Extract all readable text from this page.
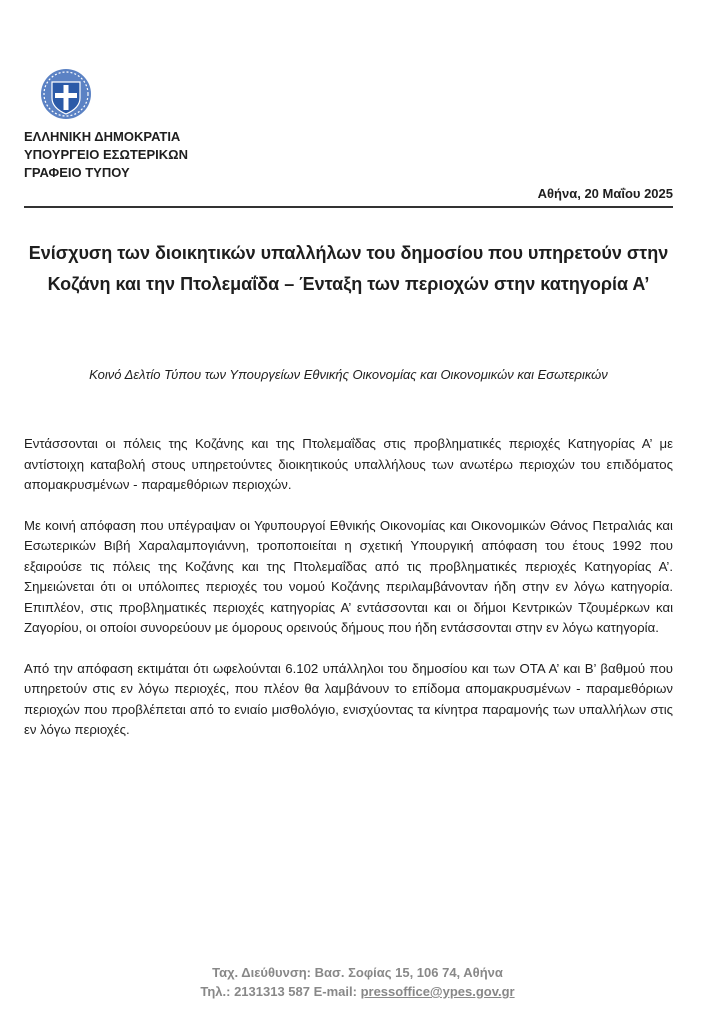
ΕΛΛΗΝΙΚΗ ΔΗΜΟΚΡΑΤΙΑ
ΥΠΟΥΡΓΕΙΟ ΕΣΩΤΕΡΙΚΩΝ
ΓΡΑΦΕΙΟ ΤΥΠΟΥ
Αθήνα, 20 Μαΐου 2025
Ενίσχυση των διοικητικών υπαλλήλων του δημοσίου που υπηρετούν στην Κοζάνη και την Πτολεμαΐδα – Ένταξη των περιοχών στην κατηγορία Α’
Κοινό Δελτίο Τύπου των Υπουργείων Εθνικής Οικονομίας και Οικονομικών και Εσωτερικών

Εντάσσονται οι πόλεις της Κοζάνης και της Πτολεμαΐδας στις προβληματικές περιοχές Κατηγορίας Α’ με αντίστοιχη καταβολή στους υπηρετούντες διοικητικούς υπαλλήλους των ανωτέρω περιοχών του επιδόματος απομακρυσμένων - παραμεθόριων περιοχών.

Με κοινή απόφαση που υπέγραψαν οι Υφυπουργοί Εθνικής Οικονομίας και Οικονομικών Θάνος Πετραλιάς και Εσωτερικών Βιβή Χαραλαμπογιάννη, τροποποιείται η σχετική Υπουργική απόφαση του έτους 1992 που εξαιρούσε τις πόλεις της Κοζάνης και της Πτολεμαΐδας από τις προβληματικές περιοχές Κατηγορίας Α’. Σημειώνεται ότι οι υπόλοιπες περιοχές του νομού Κοζάνης περιλαμβάνονταν ήδη στην εν λόγω κατηγορία. Επιπλέον, στις προβληματικές περιοχές κατηγορίας Α’ εντάσσονται και οι δήμοι Κεντρικών Τζουμέρκων και Ζαγορίου, οι οποίοι συνορεύουν με όμορους ορεινούς δήμους που ήδη εντάσσονται στην εν λόγω κατηγορία.

Από την απόφαση εκτιμάται ότι ωφελούνται 6.102 υπάλληλοι του δημοσίου και των ΟΤΑ Α’ και Β’ βαθμού που υπηρετούν στις εν λόγω περιοχές, που πλέον θα λαμβάνουν το επίδομα απομακρυσμένων - παραμεθόριων περιοχών που προβλέπεται από το ενιαίο μισθολόγιο, ενισχύοντας τα κίνητρα παραμονής των υπαλλήλων στις εν λόγω περιοχές.

Ταχ. Διεύθυνση: Βασ. Σοφίας 15, 106 74, Αθήνα
Τηλ.: 2131313 587 E-mail: pressoffice@ypes.gov.gr
